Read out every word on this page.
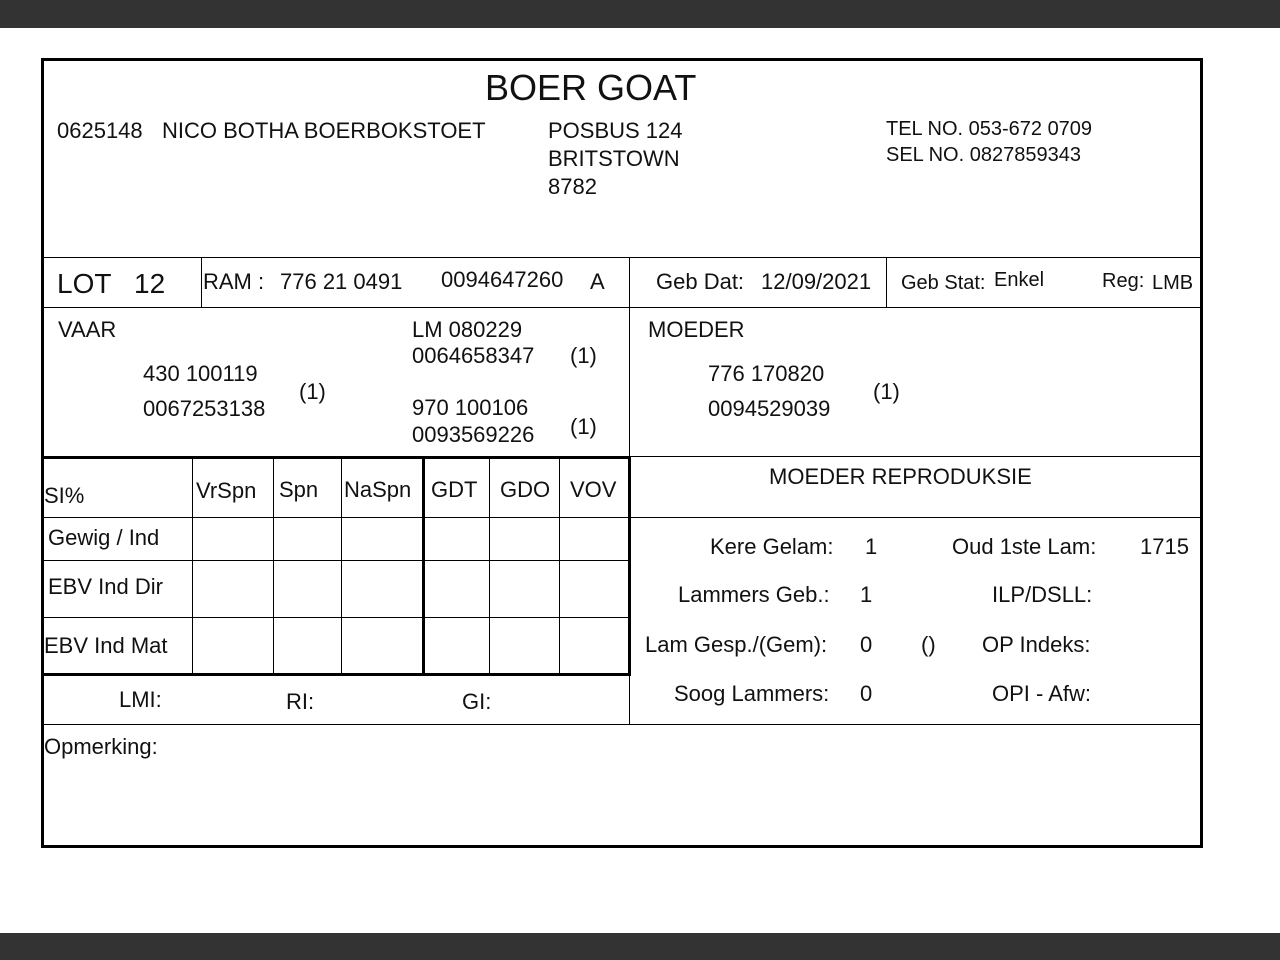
BOER GOAT
0625148 NICO BOTHA BOERBOKSTOET	POSBUS 124
BRITSTOWN
8782
TEL NO. 053-672 0709
SEL NO. 0827859343
LOT 12 RAM : 776 21 0491 0094647260 A Geb Dat: 12/09/2021 Geb Stat: Enkel	Reg: LMB
VAAR
430 100119
0067253138
(1)
LM 080229
0064658347 (1)
970 100106
0093569226 (1)
MOEDER
776 170820
0094529039
(1)
SI%	VrSpn Spn NaSpn GDT GDO VOV
Gewig / Ind
EBV Ind Dir
EBV Ind Mat
LMI:	RI:	GI:
MOEDER REPRODUKSIE
Kere Gelam: 1	Oud 1ste Lam: 1715
Lammers Geb.: 1	ILP/DSLL:
Lam Gesp./(Gem): 0 () OP Indeks:
Soog Lammers: 0	OPI - Afw:
Opmerking:
